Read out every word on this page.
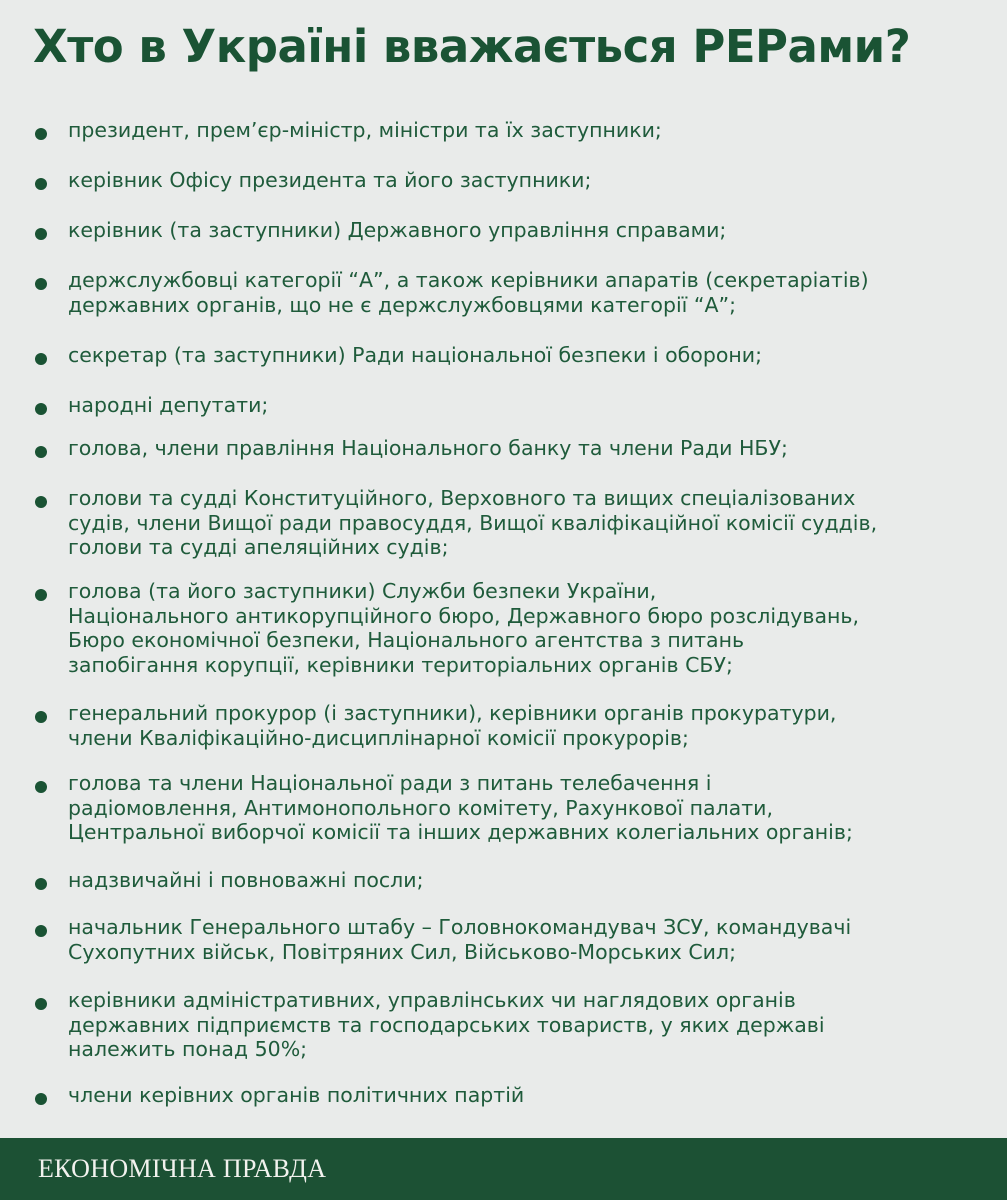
Хто в Україні вважається РЕРами?
президент, прем’єр-міністр, міністри та їх заступники;
керівник Офісу президента та його заступники;
керівник (та заступники) Державного управління справами;
держслужбовці категорії “А”, а також керівники апаратів (секретаріатів)
державних органів, що не є держслужбовцями категорії “А”;
секретар (та заступники) Ради національної безпеки і оборони;
народні депутати;
голова, члени правління Національного банку та члени Ради НБУ;
голови та судді Конституційного, Верховного та вищих спеціалізованих
судів, члени Вищої ради правосуддя, Вищої кваліфікаційної комісії суддів,
голови та судді апеляційних судів;
голова (та його заступники) Служби безпеки України,
Національного антикорупційного бюро, Державного бюро розслідувань,
Бюро економічної безпеки, Національного агентства з питань
запобігання корупції, керівники територіальних органів СБУ;
генеральний прокурор (і заступники), керівники органів прокуратури,
члени Кваліфікаційно-дисциплінарної комісії прокурорів;
голова та члени Національної ради з питань телебачення і
радіомовлення, Антимонопольного комітету, Рахункової палати,
Центральної виборчої комісії та інших державних колегіальних органів;
надзвичайні і повноважні посли;
начальник Генерального штабу – Головнокомандувач ЗСУ, командувачі
Сухопутних військ, Повітряних Сил, Військово-Морських Сил;
керівники адміністративних, управлінських чи наглядових органів
державних підприємств та господарських товариств, у яких державі
належить понад 50%;
члени керівних органів політичних партій
ЕКОНОМІЧНА ПРАВДА
